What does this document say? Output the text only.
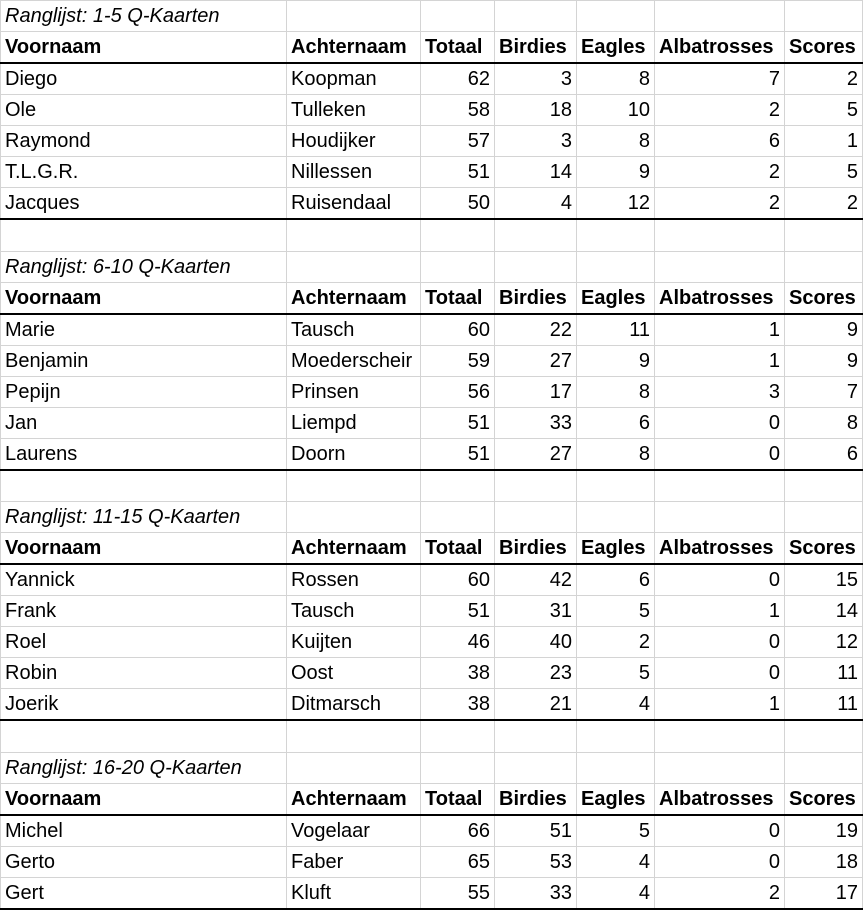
Ranglijst: 1-5 Q-Kaarten						
Voornaam	Achternaam	Totaal	Birdies	Eagles	Albatrosses	Scores
Diego	Koopman	62	3	8	7	2
Ole	Tulleken	58	18	10	2	5
Raymond	Houdijker	57	3	8	6	1
T.L.G.R.	Nillessen	51	14	9	2	5
Jacques	Ruisendaal	50	4	12	2	2

Ranglijst: 6-10 Q-Kaarten						
Voornaam	Achternaam	Totaal	Birdies	Eagles	Albatrosses	Scores
Marie	Tausch	60	22	11	1	9
Benjamin	Moederscheir	59	27	9	1	9
Pepijn	Prinsen	56	17	8	3	7
Jan	Liempd	51	33	6	0	8
Laurens	Doorn	51	27	8	0	6

Ranglijst: 11-15 Q-Kaarten						
Voornaam	Achternaam	Totaal	Birdies	Eagles	Albatrosses	Scores
Yannick	Rossen	60	42	6	0	15
Frank	Tausch	51	31	5	1	14
Roel	Kuijten	46	40	2	0	12
Robin	Oost	38	23	5	0	11
Joerik	Ditmarsch	38	21	4	1	11

Ranglijst: 16-20 Q-Kaarten						
Voornaam	Achternaam	Totaal	Birdies	Eagles	Albatrosses	Scores
Michel	Vogelaar	66	51	5	0	19
Gerto	Faber	65	53	4	0	18
Gert	Kluft	55	33	4	2	17
